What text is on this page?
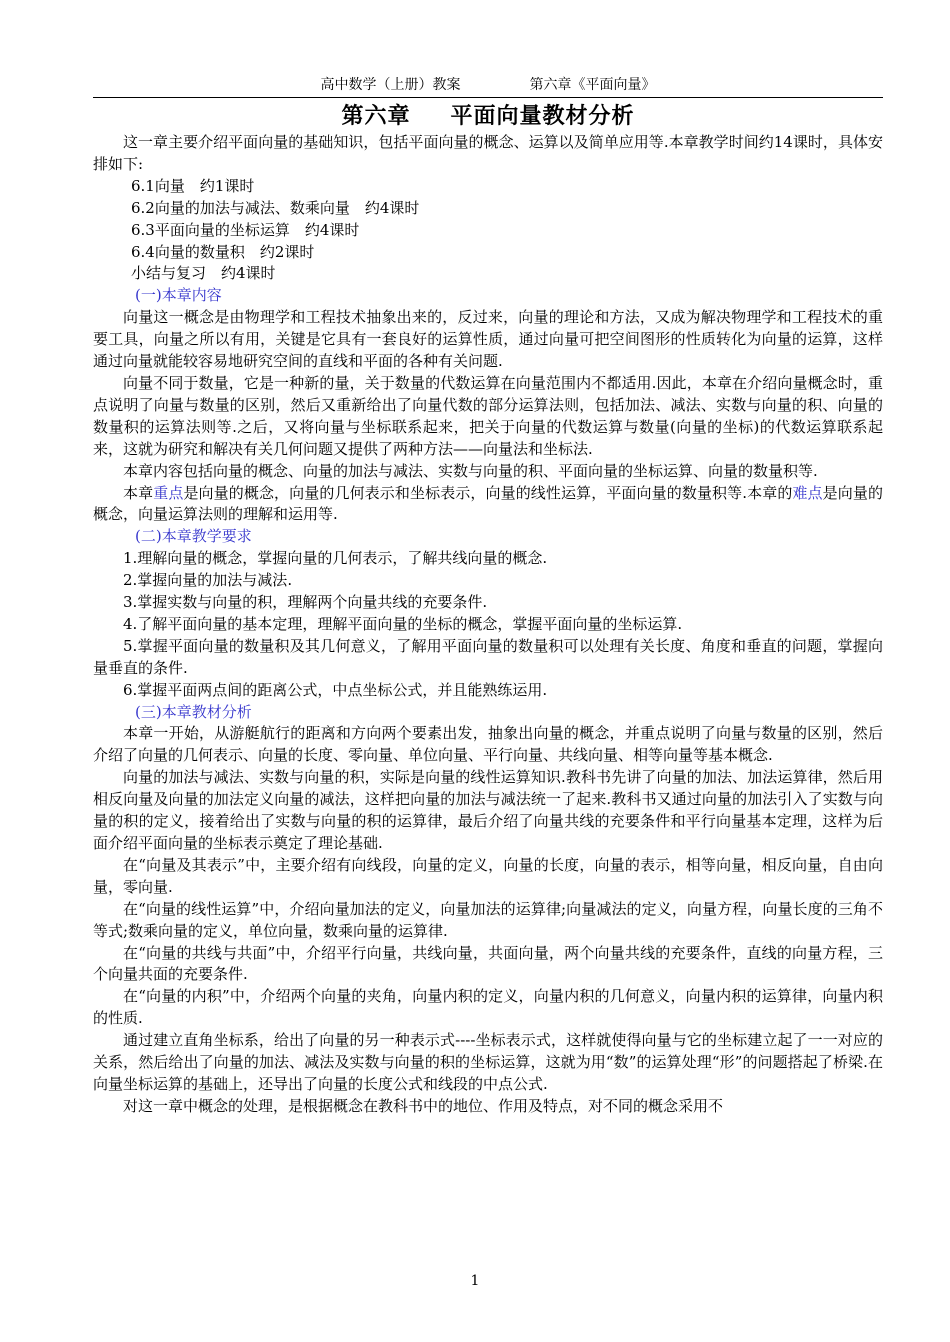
高中数学（上册）教案	第六章《平面向量》
第六章 平面向量教材分析

这一章主要介绍平面向量的基础知识，包括平面向量的概念、运算以及简单应用等.本章教学时间约14课时，具体安排如下:

6.1向量　约1课时

6.2向量的加法与减法、数乘向量　约4课时

6.3平面向量的坐标运算　约4课时

6.4向量的数量积　约2课时

小结与复习　约4课时

(一)本章内容

向量这一概念是由物理学和工程技术抽象出来的，反过来，向量的理论和方法，又成为解决物理学和工程技术的重要工具，向量之所以有用，关键是它具有一套良好的运算性质，通过向量可把空间图形的性质转化为向量的运算，这样通过向量就能较容易地研究空间的直线和平面的各种有关问题.

向量不同于数量，它是一种新的量，关于数量的代数运算在向量范围内不都适用.因此，本章在介绍向量概念时，重点说明了向量与数量的区别，然后又重新给出了向量代数的部分运算法则，包括加法、减法、实数与向量的积、向量的数量积的运算法则等.之后，又将向量与坐标联系起来，把关于向量的代数运算与数量(向量的坐标)的代数运算联系起来，这就为研究和解决有关几何问题又提供了两种方法——向量法和坐标法.

本章内容包括向量的概念、向量的加法与减法、实数与向量的积、平面向量的坐标运算、向量的数量积等.

本章重点是向量的概念，向量的几何表示和坐标表示，向量的线性运算，平面向量的数量积等.本章的难点是向量的概念，向量运算法则的理解和运用等.

(二)本章教学要求

1.理解向量的概念，掌握向量的几何表示，了解共线向量的概念.

2.掌握向量的加法与减法.

3.掌握实数与向量的积，理解两个向量共线的充要条件.

4.了解平面向量的基本定理，理解平面向量的坐标的概念，掌握平面向量的坐标运算.

5.掌握平面向量的数量积及其几何意义，了解用平面向量的数量积可以处理有关长度、角度和垂直的问题，掌握向量垂直的条件.

6.掌握平面两点间的距离公式，中点坐标公式，并且能熟练运用.

(三)本章教材分析

本章一开始，从游艇航行的距离和方向两个要素出发，抽象出向量的概念，并重点说明了向量与数量的区别，然后介绍了向量的几何表示、向量的长度、零向量、单位向量、平行向量、共线向量、相等向量等基本概念.

向量的加法与减法、实数与向量的积，实际是向量的线性运算知识.教科书先讲了向量的加法、加法运算律，然后用相反向量及向量的加法定义向量的减法，这样把向量的加法与减法统一了起来.教科书又通过向量的加法引入了实数与向量的积的定义，接着给出了实数与向量的积的运算律，最后介绍了向量共线的充要条件和平行向量基本定理，这样为后面介绍平面向量的坐标表示奠定了理论基础.

在“向量及其表示”中，主要介绍有向线段，向量的定义，向量的长度，向量的表示，相等向量，相反向量，自由向量，零向量.

在“向量的线性运算”中，介绍向量加法的定义，向量加法的运算律;向量减法的定义，向量方程，向量长度的三角不等式;数乘向量的定义，单位向量，数乘向量的运算律.

在“向量的共线与共面”中，介绍平行向量，共线向量，共面向量，两个向量共线的充要条件，直线的向量方程，三个向量共面的充要条件.

在“向量的内积”中，介绍两个向量的夹角，向量内积的定义，向量内积的几何意义，向量内积的运算律，向量内积的性质.

通过建立直角坐标系，给出了向量的另一种表示式----坐标表示式，这样就使得向量与它的坐标建立起了一一对应的关系，然后给出了向量的加法、减法及实数与向量的积的坐标运算，这就为用“数”的运算处理“形”的问题搭起了桥梁.在向量坐标运算的基础上，还导出了向量的长度公式和线段的中点公式.

对这一章中概念的处理，是根据概念在教科书中的地位、作用及特点，对不同的概念采用不

1
